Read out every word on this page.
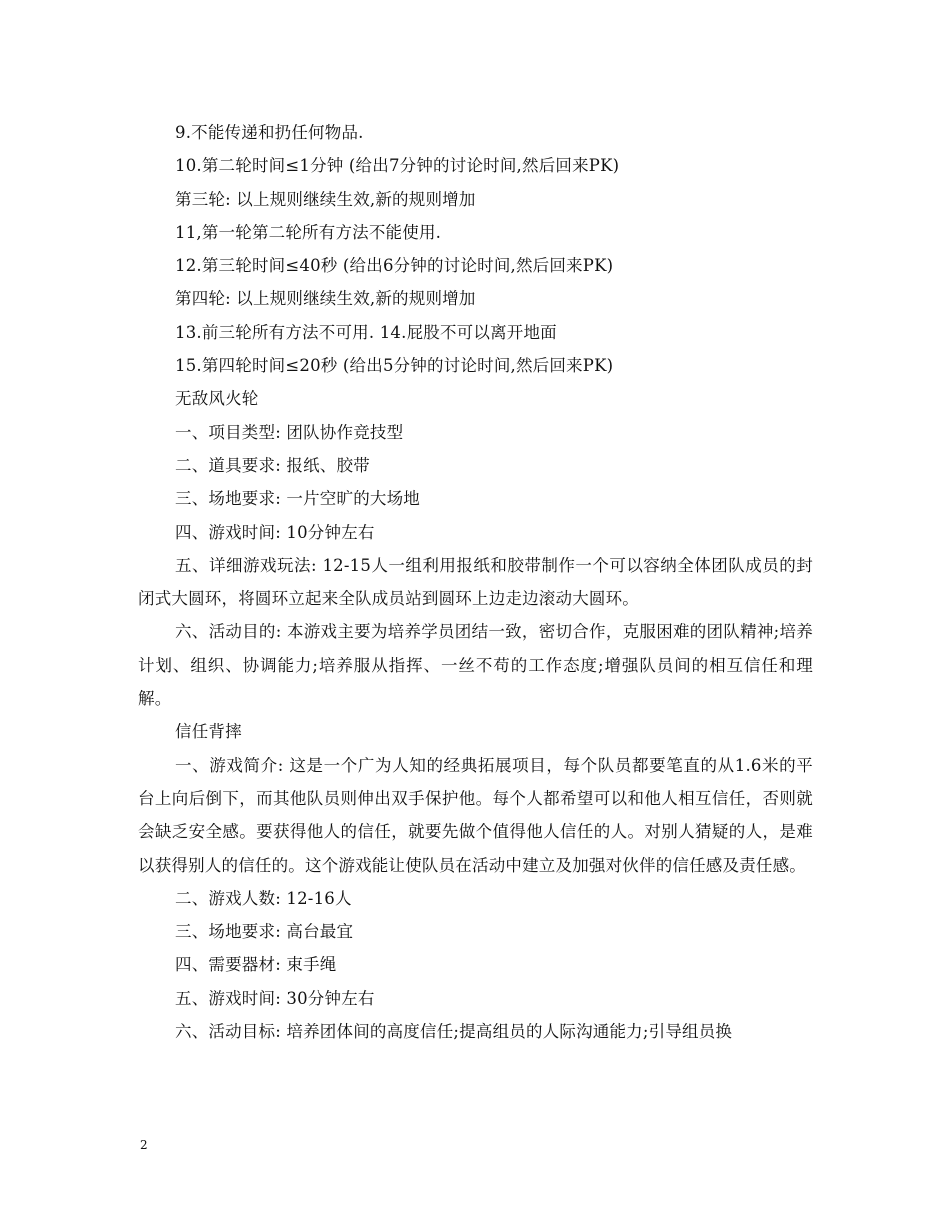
9.不能传递和扔任何物品.

10.第二轮时间≤1分钟 (给出7分钟的讨论时间,然后回来PK)

第三轮: 以上规则继续生效,新的规则增加

11,第一轮第二轮所有方法不能使用.

12.第三轮时间≤40秒 (给出6分钟的讨论时间,然后回来PK)

第四轮: 以上规则继续生效,新的规则增加

13.前三轮所有方法不可用. 14.屁股不可以离开地面

15.第四轮时间≤20秒 (给出5分钟的讨论时间,然后回来PK)

无敌风火轮

一、项目类型: 团队协作竞技型

二、道具要求: 报纸、胶带

三、场地要求: 一片空旷的大场地

四、游戏时间: 10分钟左右

五、详细游戏玩法: 12-15人一组利用报纸和胶带制作一个可以容纳全体团队成员的封闭式大圆环，将圆环立起来全队成员站到圆环上边走边滚动大圆环。

六、活动目的: 本游戏主要为培养学员团结一致，密切合作，克服困难的团队精神;培养计划、组织、协调能力;培养服从指挥、一丝不苟的工作态度;增强队员间的相互信任和理解。

信任背摔

一、游戏简介: 这是一个广为人知的经典拓展项目，每个队员都要笔直的从1.6米的平台上向后倒下，而其他队员则伸出双手保护他。每个人都希望可以和他人相互信任，否则就会缺乏安全感。要获得他人的信任，就要先做个值得他人信任的人。对别人猜疑的人，是难以获得别人的信任的。这个游戏能让使队员在活动中建立及加强对伙伴的信任感及责任感。

二、游戏人数: 12-16人

三、场地要求: 高台最宜

四、需要器材: 束手绳

五、游戏时间: 30分钟左右

六、活动目标: 培养团体间的高度信任;提高组员的人际沟通能力;引导组员换

2
